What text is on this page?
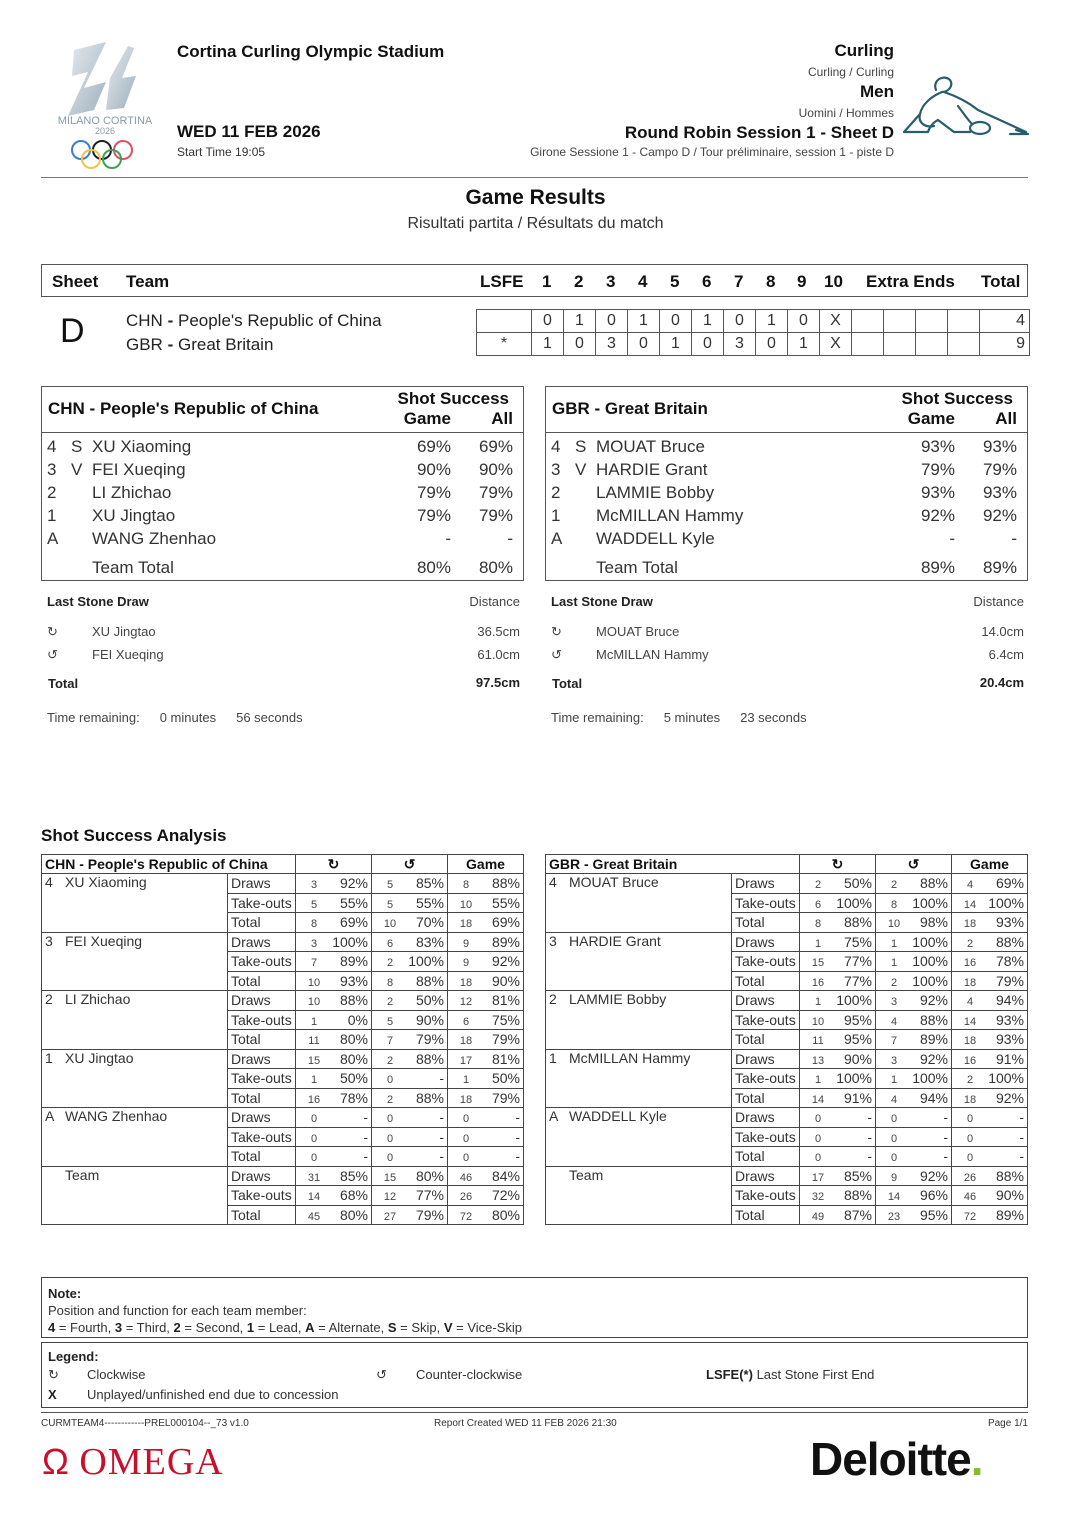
MILANO CORTINA
2026
Cortina Curling Olympic Stadium
WED 11 FEB 2026
Start Time 19:05
Curling
Curling / Curling
Men
Uomini / Hommes
Round Robin Session 1 - Sheet D
Girone Sessione 1 - Campo D / Tour préliminaire, session 1 - piste D
Game Results
Risultati partita / Résultats du match
Sheet Team	LSFE 1 2 3 4 5 6 7 8 9 10 Extra Ends Total
D CHN - People's Republic of China
GBR - Great Britain
	0	1	0	1	0	1	0	1	0	X					4
*	1	0	3	0	1	0	3	0	1	X					9
CHN - People's Republic of China
Shot Success
Game All
4 S XU Xiaoming	69% 69%
3 V FEI Xueqing	90% 90%
2 LI Zhichao	79% 79%
1 XU Jingtao	79% 79%
A WANG Zhenhao	-	-
Team Total	80% 80%
GBR - Great Britain
Shot Success
Game All
4 S MOUAT Bruce	93% 93%
3 V HARDIE Grant	79% 79%
2 LAMMIE Bobby	93% 93%
1 McMILLAN Hammy	92% 92%
A WADDELL Kyle	-	-
Team Total	89% 89%
Last Stone Draw	Distance
↻	XU Jingtao	36.5cm
↺	FEI Xueqing	61.0cm
Total	97.5cm
Time remaining: 0 minutes 56 seconds
Last Stone Draw	Distance
↻	MOUAT Bruce	14.0cm
↺	McMILLAN Hammy	6.4cm
Total	20.4cm
Time remaining: 5 minutes 23 seconds
Shot Success Analysis
CHN - People's Republic of China		↻	↺	Game
4 XU Xiaoming	Draws	3 92%	5 85%	8 88%
	Take-outs	5 55%	5 55%	10 55%
	Total	8 69%	10 70%	18 69%
3 FEI Xueqing	Draws	3 100%	6 83%	9 89%
	Take-outs	7 89%	2 100%	9 92%
	Total	10 93%	8 88%	18 90%
2 LI Zhichao	Draws	10 88%	2 50%	12 81%
	Take-outs	1 0%	5 90%	6 75%
	Total	11 80%	7 79%	18 79%
1 XU Jingtao	Draws	15 80%	2 88%	17 81%
	Take-outs	1 50%	0 -	1 50%
	Total	16 78%	2 88%	18 79%
A WANG Zhenhao	Draws	0 -	0 -	0 -
	Take-outs	0 -	0 -	0 -
	Total	0 -	0 -	0 -
Team	Draws	31 85%	15 80%	46 84%
	Take-outs	14 68%	12 77%	26 72%
	Total	45 80%	27 79%	72 80%
GBR - Great Britain		↻	↺	Game
4 MOUAT Bruce	Draws	2 50%	2 88%	4 69%
	Take-outs	6 100%	8 100%	14 100%
	Total	8 88%	10 98%	18 93%
3 HARDIE Grant	Draws	1 75%	1 100%	2 88%
	Take-outs	15 77%	1 100%	16 78%
	Total	16 77%	2 100%	18 79%
2 LAMMIE Bobby	Draws	1 100%	3 92%	4 94%
	Take-outs	10 95%	4 88%	14 93%
	Total	11 95%	7 89%	18 93%
1 McMILLAN Hammy	Draws	13 90%	3 92%	16 91%
	Take-outs	1 100%	1 100%	2 100%
	Total	14 91%	4 94%	18 92%
A WADDELL Kyle	Draws	0 -	0 -	0 -
	Take-outs	0 -	0 -	0 -
	Total	0 -	0 -	0 -
Team	Draws	17 85%	9 92%	26 88%
	Take-outs	32 88%	14 96%	46 90%
	Total	49 87%	23 95%	72 89%
Note:
Position and function for each team member:
4 = Fourth, 3 = Third, 2 = Second, 1 = Lead, A = Alternate, S = Skip, V = Vice-Skip
Legend:
↻ Clockwise	↺ Counter-clockwise	LSFE(*) Last Stone First End
X Unplayed/unfinished end due to concession
CURMTEAM4------------PREL000104--_73 v1.0	Report Created WED 11 FEB 2026 21:30	Page 1/1
Ω OMEGA	Deloitte.
